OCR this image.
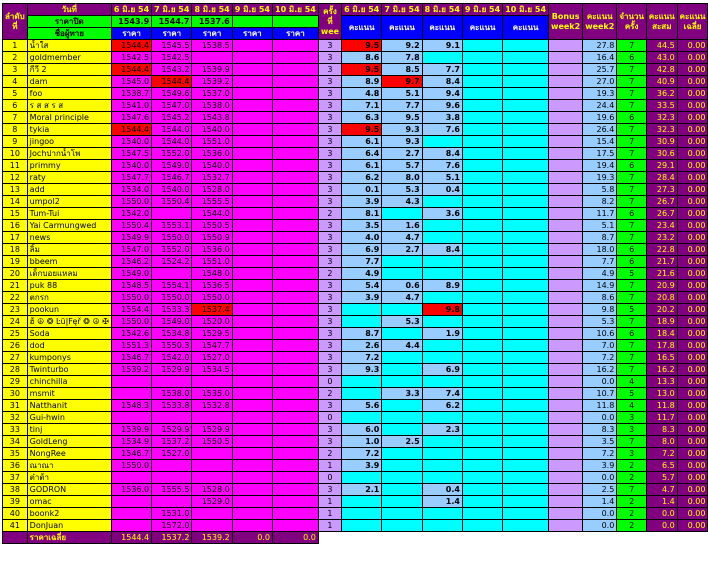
ลำดับที่	วันที่	6 มิ.ย 54	7 มิ.ย 54	8 มิ.ย 54	9 มิ.ย 54	10 มิ.ย 54	ครั้งที่ wee	6 มิ.ย 54	7 มิ.ย 54	8 มิ.ย 54	9 มิ.ย 54	10 มิ.ย 54	Bonus week2	คะแนน week2	จำนวนครั้ง	คะแนนสะสม	คะแนนเฉลี่ย
	ราคาปิด	1543.9	1544.7	1537.6				คะแนน	คะแนน	คะแนน	คะแนน	คะแนน					
	ชื่อผู้ทาย	ราคา	ราคา	ราคา	ราคา	ราคา											
1	น้ำใส	1544.4	1545.5	1538.5			3	9.5	9.2	9.1				27.8	7	44.5	0.00
2	goldmember	1542.5	1542.5				3	8.6	7.8					16.4	6	43.0	0.00
3	กีวี 2	1544.4	1543.2	1539.9			3	9.5	8.5	7.7				25.7	7	42.8	0.00
4	dam	1545.0	1544.4	1539.2			3	8.9	9.7	8.4				27.0	7	40.9	0.00
5	foo	1538.7	1549.6	1537.0			3	4.8	5.1	9.4				19.3	7	36.2	0.00
6	ร ส ส ร ส	1541.0	1547.0	1538.0			3	7.1	7.7	9.6				24.4	7	33.5	0.00
7	Moral principle	1547.6	1545.2	1543.8			3	6.3	9.5	3.8				19.6	6	32.3	0.00
8	tykia	1544.4	1544.0	1540.0			3	9.5	9.3	7.6				26.4	7	32.3	0.00
9	jingoo	1540.0	1544.0	1551.0			3	6.1	9.3					15.4	7	30.9	0.00
10	Jochปากน้ำโพ	1547.5	1552.0	1536.0			3	6.4	2.7	8.4				17.5	7	30.6	0.00
11	primmy	1540.0	1549.0	1540.0			3	6.1	5.7	7.6				19.4	6	29.1	0.00
12	raty	1547.7	1546.7	1532.7			3	6.2	8.0	5.1				19.3	7	28.4	0.00
13	add	1534.0	1540.0	1528.0			3	0.1	5.3	0.4				5.8	7	27.3	0.00
14	umpol2	1550.0	1550.4	1555.5			3	3.9	4.3					8.2	7	26.7	0.00
15	Tum-Tui	1542.0		1544.0			2	8.1		3.6				11.7	6	26.7	0.00
16	Yai Carmungwed	1550.4	1553.1	1550.5			3	3.5	1.6					5.1	7	23.4	0.00
17	news	1549.9	1550.0	1550.9			3	4.0	4.7					8.7	7	23.2	0.00
18	ลิ้ม	1547.0	1552.0	1536.0			3	6.9	2.7	8.4				18.0	6	22.8	0.00
19	bbeem	1546.2	1524.2	1551.0			3	7.7						7.7	6	21.7	0.00
20	เด็กบอยแหลม	1549.0		1548.0			2	4.9						4.9	5	21.6	0.00
21	puk 88	1548.5	1554.1	1536.5			3	5.4	0.6	8.9				14.9	7	20.9	0.00
22	ตกรก	1550.0	1550.0	1550.0			3	3.9	4.7					8.6	7	20.8	0.00
23	pookun	1554.4	1533.3	1537.4			3			9.8				9.8	5	20.2	0.00
24	ฮ้ ☮ ❂ Ŀü|Fęř ❂ ☮ ✠	1550.0	1549.0	1520.0			3		5.3					5.3	7	18.9	0.00
25	Soda	1542.6	1534.8	1529.5			3	8.7		1.9				10.6	6	18.4	0.00
26	dod	1551.3	1550.3	1547.7			3	2.6	4.4					7.0	7	17.8	0.00
27	kumponys	1546.7	1542.0	1527.0			3	7.2						7.2	7	16.5	0.00
28	Twinturbo	1539.2	1529.9	1534.5			3	9.3		6.9				16.2	7	16.2	0.00
29	chinchilla						0							0.0	4	13.3	0.00
30	msmit		1538.0	1535.0			2		3.3	7.4				10.7	5	13.0	0.00
31	Natthanit	1548.3	1533.8	1532.8			3	5.6		6.2				11.8	4	11.8	0.00
32	Gui-hwin						0							0.0	3	11.7	0.00
33	tinj	1539.9	1529.9	1529.9			3	6.0		2.3				8.3	3	8.3	0.00
34	GoldLeng	1534.9	1537.2	1550.5			3	1.0	2.5					3.5	7	8.0	0.00
35	NongRee	1546.7	1527.0				2	7.2						7.2	3	7.2	0.00
36	ณาณา	1550.0					1	3.9						3.9	2	6.5	0.00
37	ต๋าต้า						0							0.0	2	5.7	0.00
38	GODRON	1536.0	1555.5	1528.0			3	2.1		0.4				2.5	7	4.7	0.00
39	omac			1529.0			1			1.4				1.4	2	1.4	0.00
40	boonk2		1531.0				1							0.0	2	0.0	0.00
41	DonJuan		1572.0				1							0.0	2	0.0	0.00
	ราคาเฉลี่ย	1544.4	1537.2	1539.2	0.0	0.0											
